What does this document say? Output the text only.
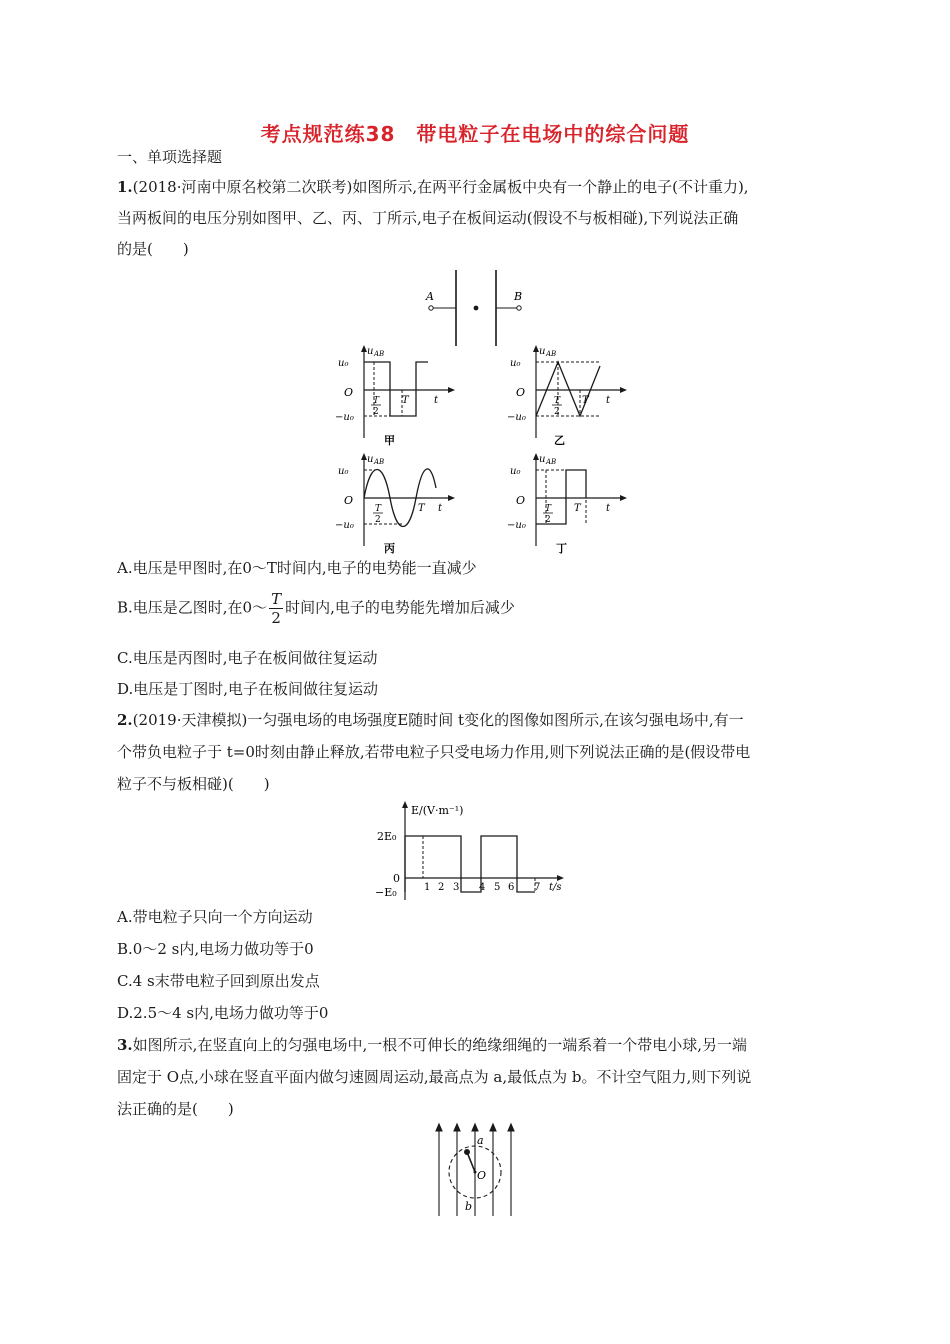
考点规范练38　带电粒子在电场中的综合问题
一、单项选择题
1.(2018·河南中原名校第二次联考)如图所示,在两平行金属板中央有一个静止的电子(不计重力),
当两板间的电压分别如图甲、乙、丙、丁所示,电子在板间运动(假设不与板相碰),下列说法正确
的是(　　)
A	B
u₀
u AB
O
−u₀
T
2
T	t
甲
u₀
u AB
O
−u₀
T
2
T t
乙
u₀
u AB
O
−u₀
T
2
T t
丙
u₀
u AB
O
−u₀
T
2
T	t
丁
A.电压是甲图时,在0～T时间内,电子的电势能一直减少
B.电压是乙图时,在0～ $\frac{T}{2}$ 时间内,电子的电势能先增加后减少
C.电压是丙图时,电子在板间做往复运动
D.电压是丁图时,电子在板间做往复运动
2.(2019·天津模拟)一匀强电场的电场强度E随时间 t变化的图像如图所示,在该匀强电场中,有一
个带负电粒子于 t=0时刻由静止释放,若带电粒子只受电场力作用,则下列说法正确的是(假设带电
粒子不与板相碰)(　　)
E/(V·m⁻¹)
2E₀
0
−E₀	1 2 3 4 5 6 7 t/s
A.带电粒子只向一个方向运动
B.0～2 s内,电场力做功等于0
C.4 s末带电粒子回到原出发点
D.2.5～4 s内,电场力做功等于0
3.如图所示,在竖直向上的匀强电场中,一根不可伸长的绝缘细绳的一端系着一个带电小球,另一端
固定于 O点,小球在竖直平面内做匀速圆周运动,最高点为 a,最低点为 b。不计空气阻力,则下列说
法正确的是(　　)
a
O
b
